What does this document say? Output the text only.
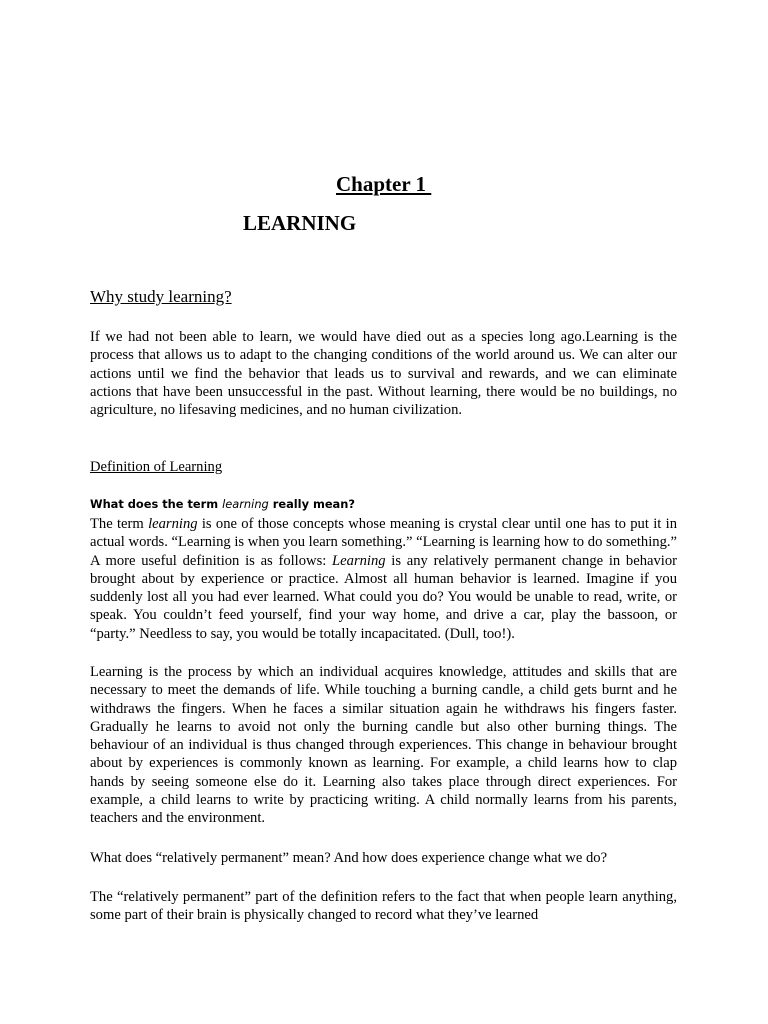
Chapter 1
LEARNING
Why study learning?

If we had not been able to learn, we would have died out as a species long ago.Learning is the process that allows us to adapt to the changing conditions of the world around us. We can alter our actions until we find the behavior that leads us to survival and rewards, and we can eliminate actions that have been unsuccessful in the past. Without learning, there would be no buildings, no agriculture, no lifesaving medicines, and no human civilization.

Definition of Learning

What does the term learning really mean?

The term learning is one of those concepts whose meaning is crystal clear until one has to put it in actual words. “Learning is when you learn something.” “Learning is learning how to do something.” A more useful definition is as follows: Learning is any relatively permanent change in behavior brought about by experience or practice. Almost all human behavior is learned. Imagine if you suddenly lost all you had ever learned. What could you do? You would be unable to read, write, or speak. You couldn’t feed yourself, find your way home, and drive a car, play the bassoon, or “party.” Needless to say, you would be totally incapacitated. (Dull, too!).

Learning is the process by which an individual acquires knowledge, attitudes and skills that are necessary to meet the demands of life. While touching a burning candle, a child gets burnt and he withdraws the fingers. When he faces a similar situation again he withdraws his fingers faster. Gradually he learns to avoid not only the burning candle but also other burning things. The behaviour of an individual is thus changed through experiences. This change in behaviour brought about by experiences is commonly known as learning. For example, a child learns how to clap hands by seeing someone else do it. Learning also takes place through direct experiences. For example, a child learns to write by practicing writing. A child normally learns from his parents, teachers and the environment.

What does “relatively permanent” mean? And how does experience change what we do?

The “relatively permanent” part of the definition refers to the fact that when people learn anything, some part of their brain is physically changed to record what they’ve learned
